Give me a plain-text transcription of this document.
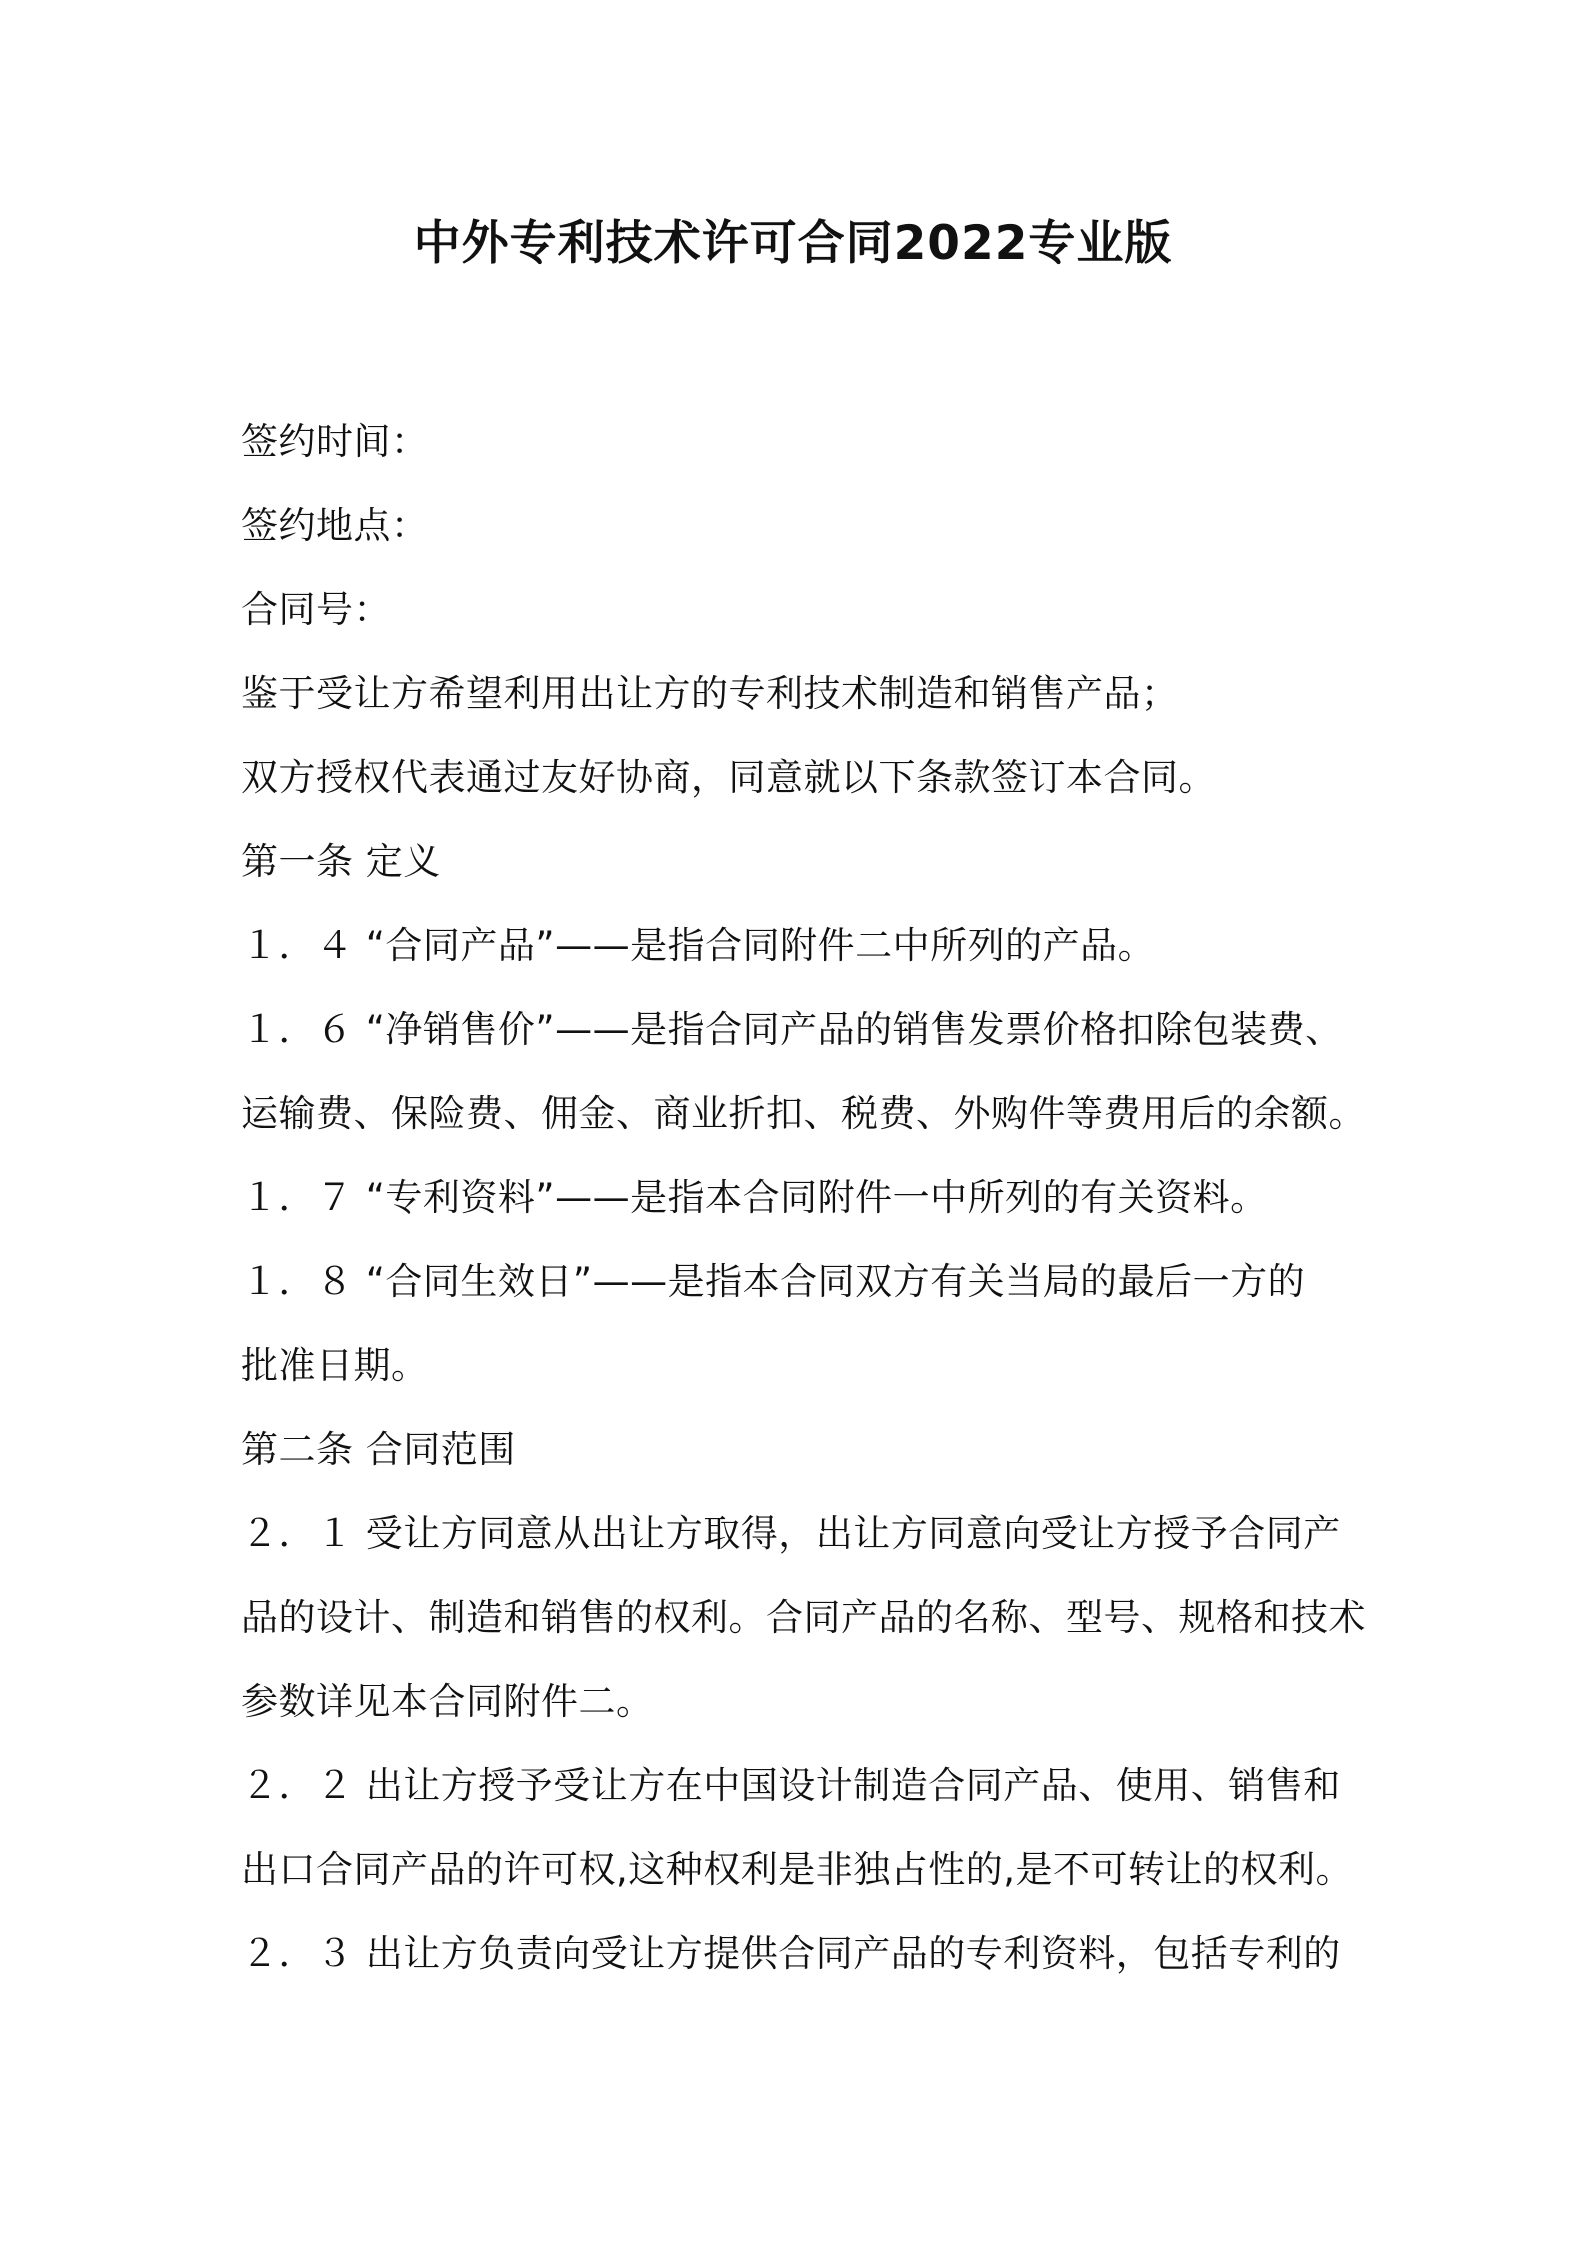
中外专利技术许可合同2022专业版
签约时间：
签约地点：
合同号：
鉴于受让方希望利用出让方的专利技术制造和销售产品；
双方授权代表通过友好协商，同意就以下条款签订本合同。
第一条 定义
１．４ “合同产品”——是指合同附件二中所列的产品。
１．６ “净销售价”——是指合同产品的销售发票价格扣除包装费、
运输费、保险费、佣金、商业折扣、税费、外购件等费用后的余额。
１．７ “专利资料”——是指本合同附件一中所列的有关资料。
１．８ “合同生效日”——是指本合同双方有关当局的最后一方的
批准日期。
第二条 合同范围
２．１ 受让方同意从出让方取得，出让方同意向受让方授予合同产
品的设计、制造和销售的权利。合同产品的名称、型号、规格和技术
参数详见本合同附件二。
２．２ 出让方授予受让方在中国设计制造合同产品、使用、销售和
出口合同产品的许可权,这种权利是非独占性的,是不可转让的权利。
２．３ 出让方负责向受让方提供合同产品的专利资料，包括专利的
